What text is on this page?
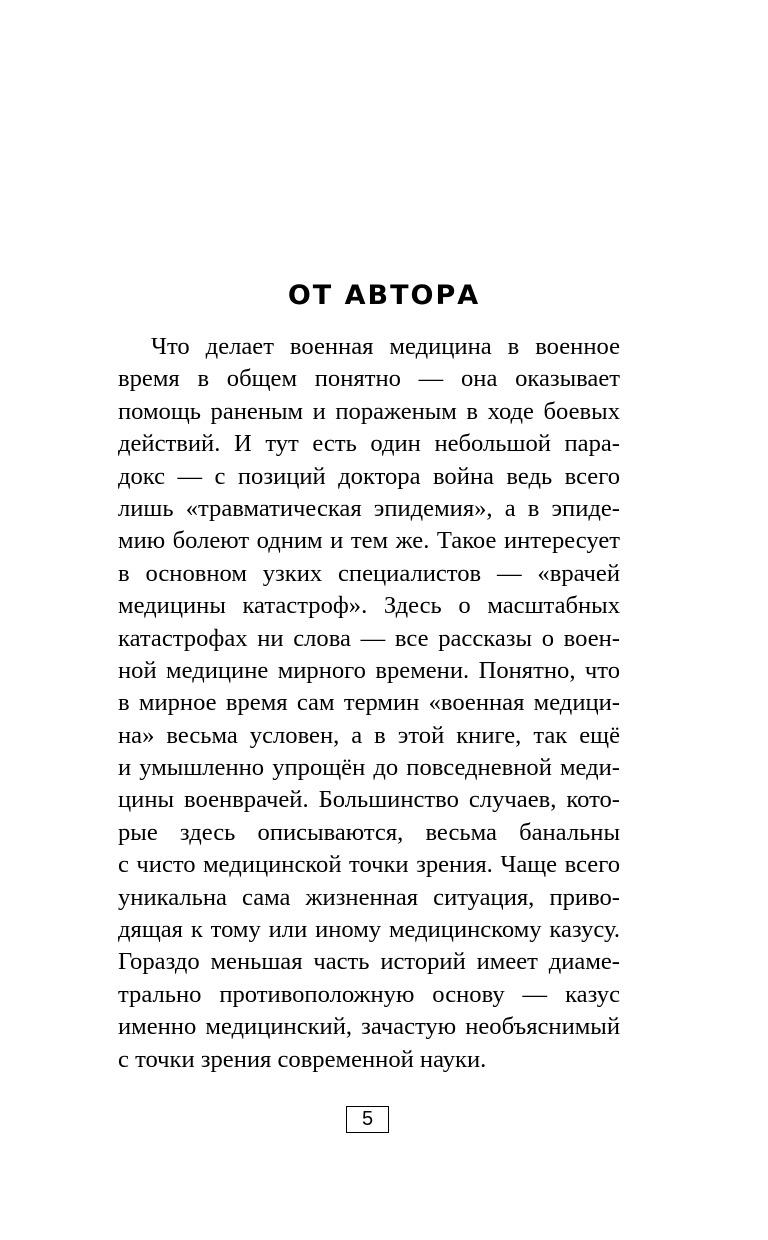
ОТ АВТОРА
Что делает военная медицина в военное
время в общем понятно — она оказывает
помощь раненым и пораженым в ходе боевых
действий. И тут есть один небольшой пара-
докс — с позиций доктора война ведь всего
лишь «травматическая эпидемия», а в эпиде-
мию болеют одним и тем же. Такое интересует
в основном узких специалистов — «врачей
медицины катастроф». Здесь о масштабных
катастрофах ни слова — все рассказы о воен-
ной медицине мирного времени. Понятно, что
в мирное время сам термин «военная медици-
на» весьма условен, а в этой книге, так ещё
и умышленно упрощён до повседневной меди-
цины военврачей. Большинство случаев, кото-
рые здесь описываются, весьма банальны
с чисто медицинской точки зрения. Чаще всего
уникальна сама жизненная ситуация, приво-
дящая к тому или иному медицинскому казусу.
Гораздо меньшая часть историй имеет диаме-
трально противоположную основу — казус
именно медицинский, зачастую необъяснимый
с точки зрения современной науки.
5
